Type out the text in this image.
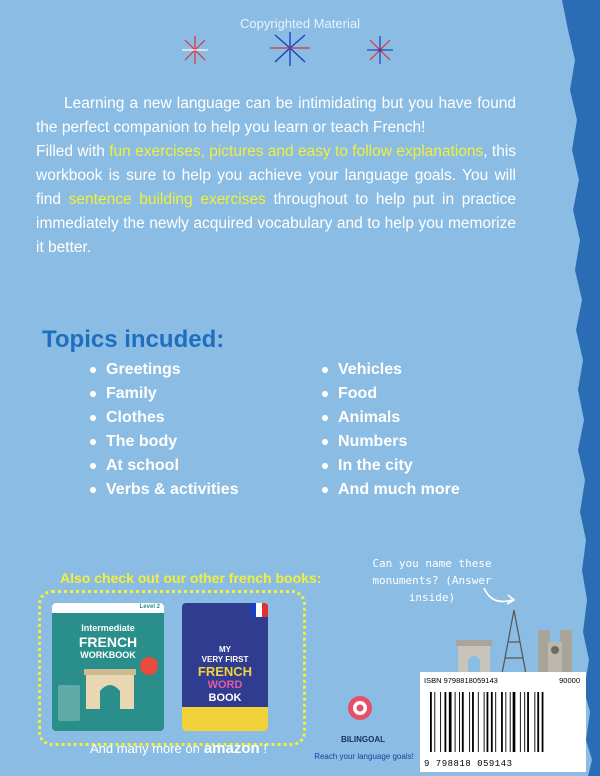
Copyrighted Material

Learning a new language can be intimidating but you have found the perfect companion to help you learn or teach French!

Filled with fun exercises, pictures and easy to follow explanations, this workbook is sure to help you achieve your language goals. You will find sentence building exercises throughout to help put in practice immediately the newly acquired vocabulary and to help you memorize it better.

Topics incuded:
Greetings
Family
Clothes
The body
At school
Verbs & activities
Vehicles
Food
Animals
Numbers
In the city
And much more
Also check out our other french books:
Level 2
Intermediate
FRENCH
WORKBOOK
MY
VERY FIRST
FRENCH
WORD
BOOK
And many more on amazon !
Can you name these monuments? (Answer inside)
BILINGOAL
Reach your language goals!
ISBN 9798818059143	90000
9 798818 059143
